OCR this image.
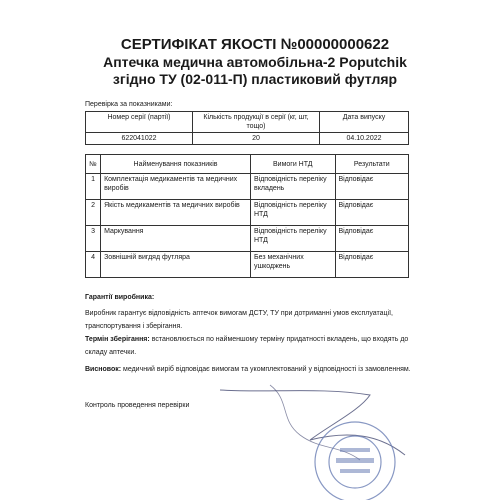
СЕРТИФІКАТ ЯКОСТІ №00000000622
Аптечка медична автомобільна-2 Poputchik
згідно ТУ (02-011-П) пластиковий футляр
Перевірка за показниками:
Номер серії (партії)	Кількість продукції в серії (кг, шт, тощо)	Дата випуску
622041022	20	04.10.2022
№	Найменування показників	Вимоги НТД	Результати
1	Комплектація медикаментів та медичних виробів	Відповідність переліку вкладень	Відповідає
2	Якість медикаментів та медичних виробів	Відповідність переліку НТД	Відповідає
3	Маркування	Відповідність переліку НТД	Відповідає
4	Зовнішній вигдяд футляра	Без механічних ушкоджень	Відповідає
Гарантії виробника:
Виробник гарантує відповідність аптечок вимогам ДСТУ, ТУ при дотриманні умов експлуатації, транспортування і зберігання.
Термін зберігання: встановлюється по найменшому терміну придатності вкладень, що входять до складу аптечки.
Висновок: медичний виріб відповідає вимогам та укомплектований у відповідності із замовленням.
Контроль проведення перевірки
